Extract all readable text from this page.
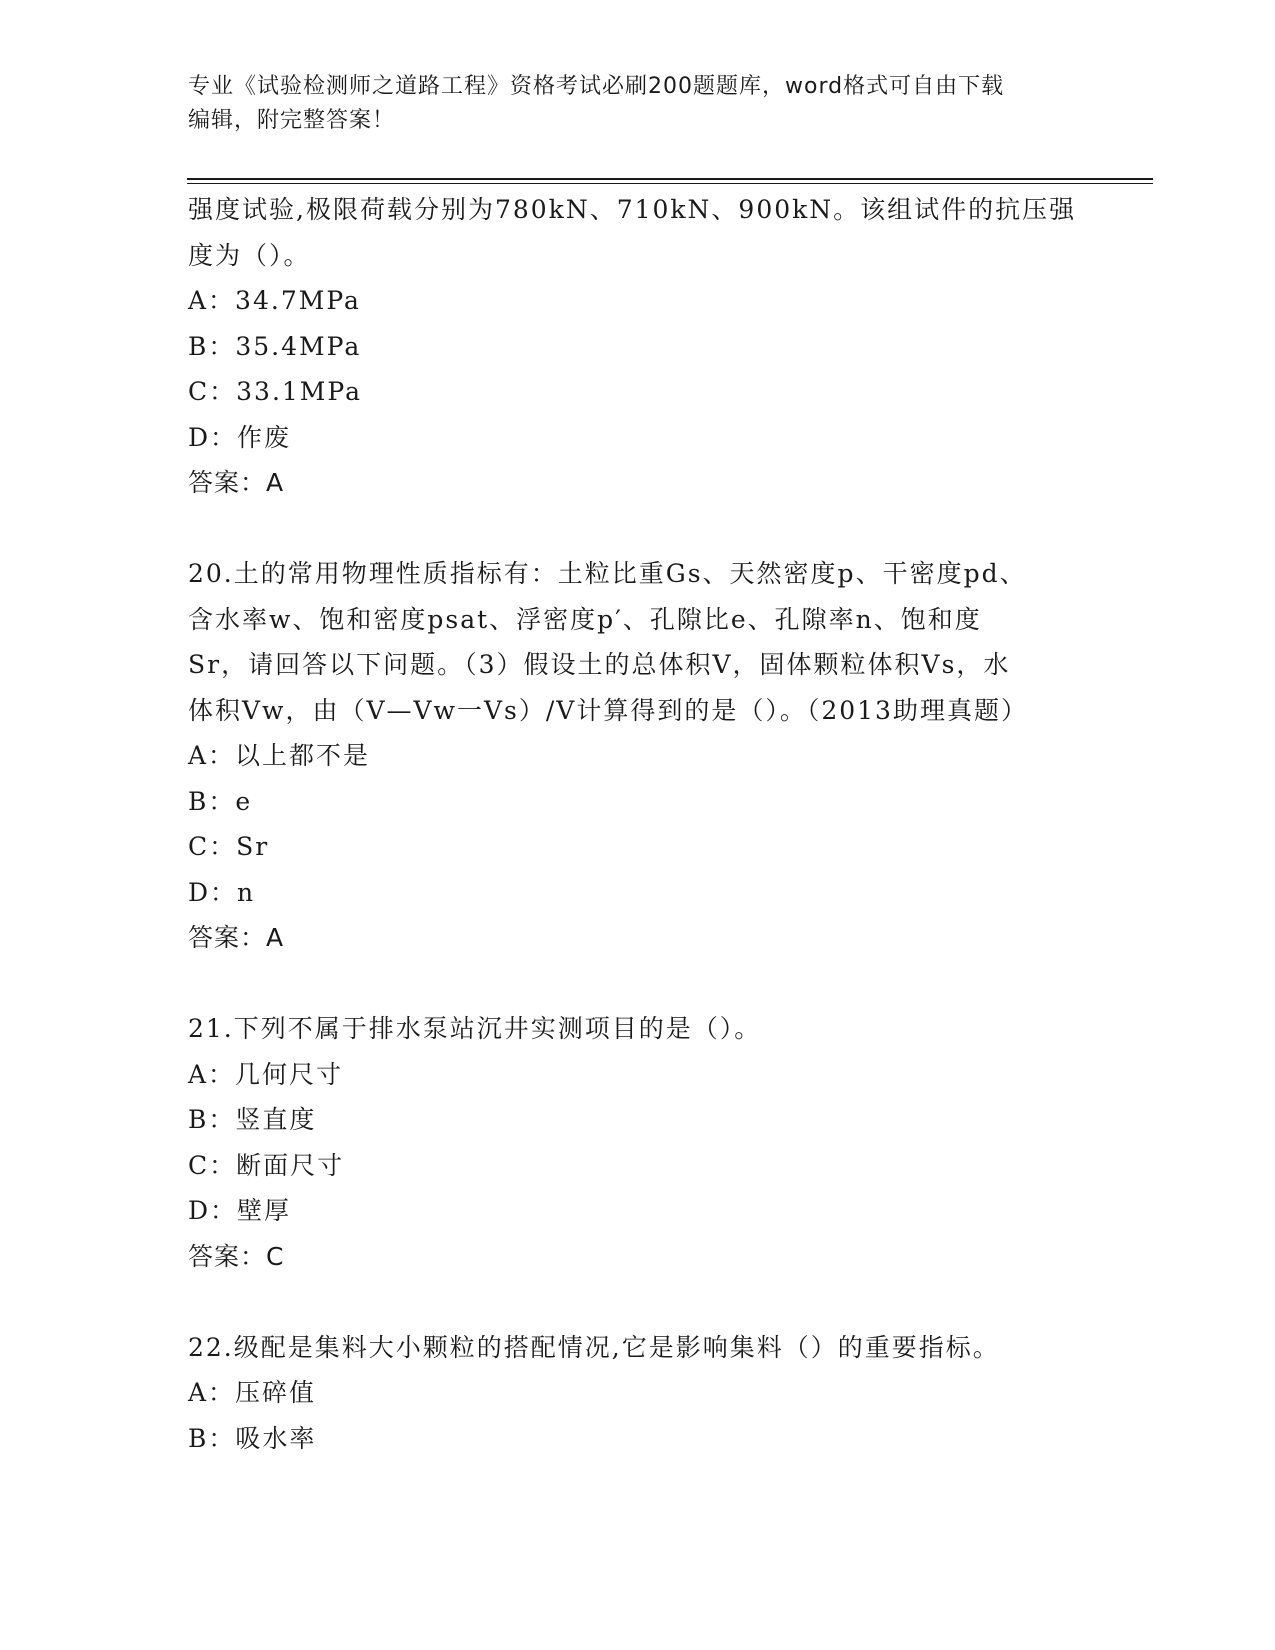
专业《试验检测师之道路工程》资格考试必刷200题题库，word格式可自由下载
编辑，附完整答案！
强度试验,极限荷载分别为780kN、710kN、900kN。该组试件的抗压强
度为（）。
A：34.7MPa
B：35.4MPa
C：33.1MPa
D：作废
答案：A
20.土的常用物理性质指标有：土粒比重Gs、天然密度p、干密度pd、
含水率w、饱和密度psat、浮密度p′、孔隙比e、孔隙率n、饱和度
Sr，请回答以下问题。（3）假设土的总体积V，固体颗粒体积Vs，水
体积Vw，由（V—Vw一Vs）/V计算得到的是（）。（2013助理真题）
A：以上都不是
B：e
C：Sr
D：n
答案：A
21.下列不属于排水泵站沉井实测项目的是（）。
A：几何尺寸
B：竖直度
C：断面尺寸
D：壁厚
答案：C
22.级配是集料大小颗粒的搭配情况,它是影响集料（）的重要指标。
A：压碎值
B：吸水率
